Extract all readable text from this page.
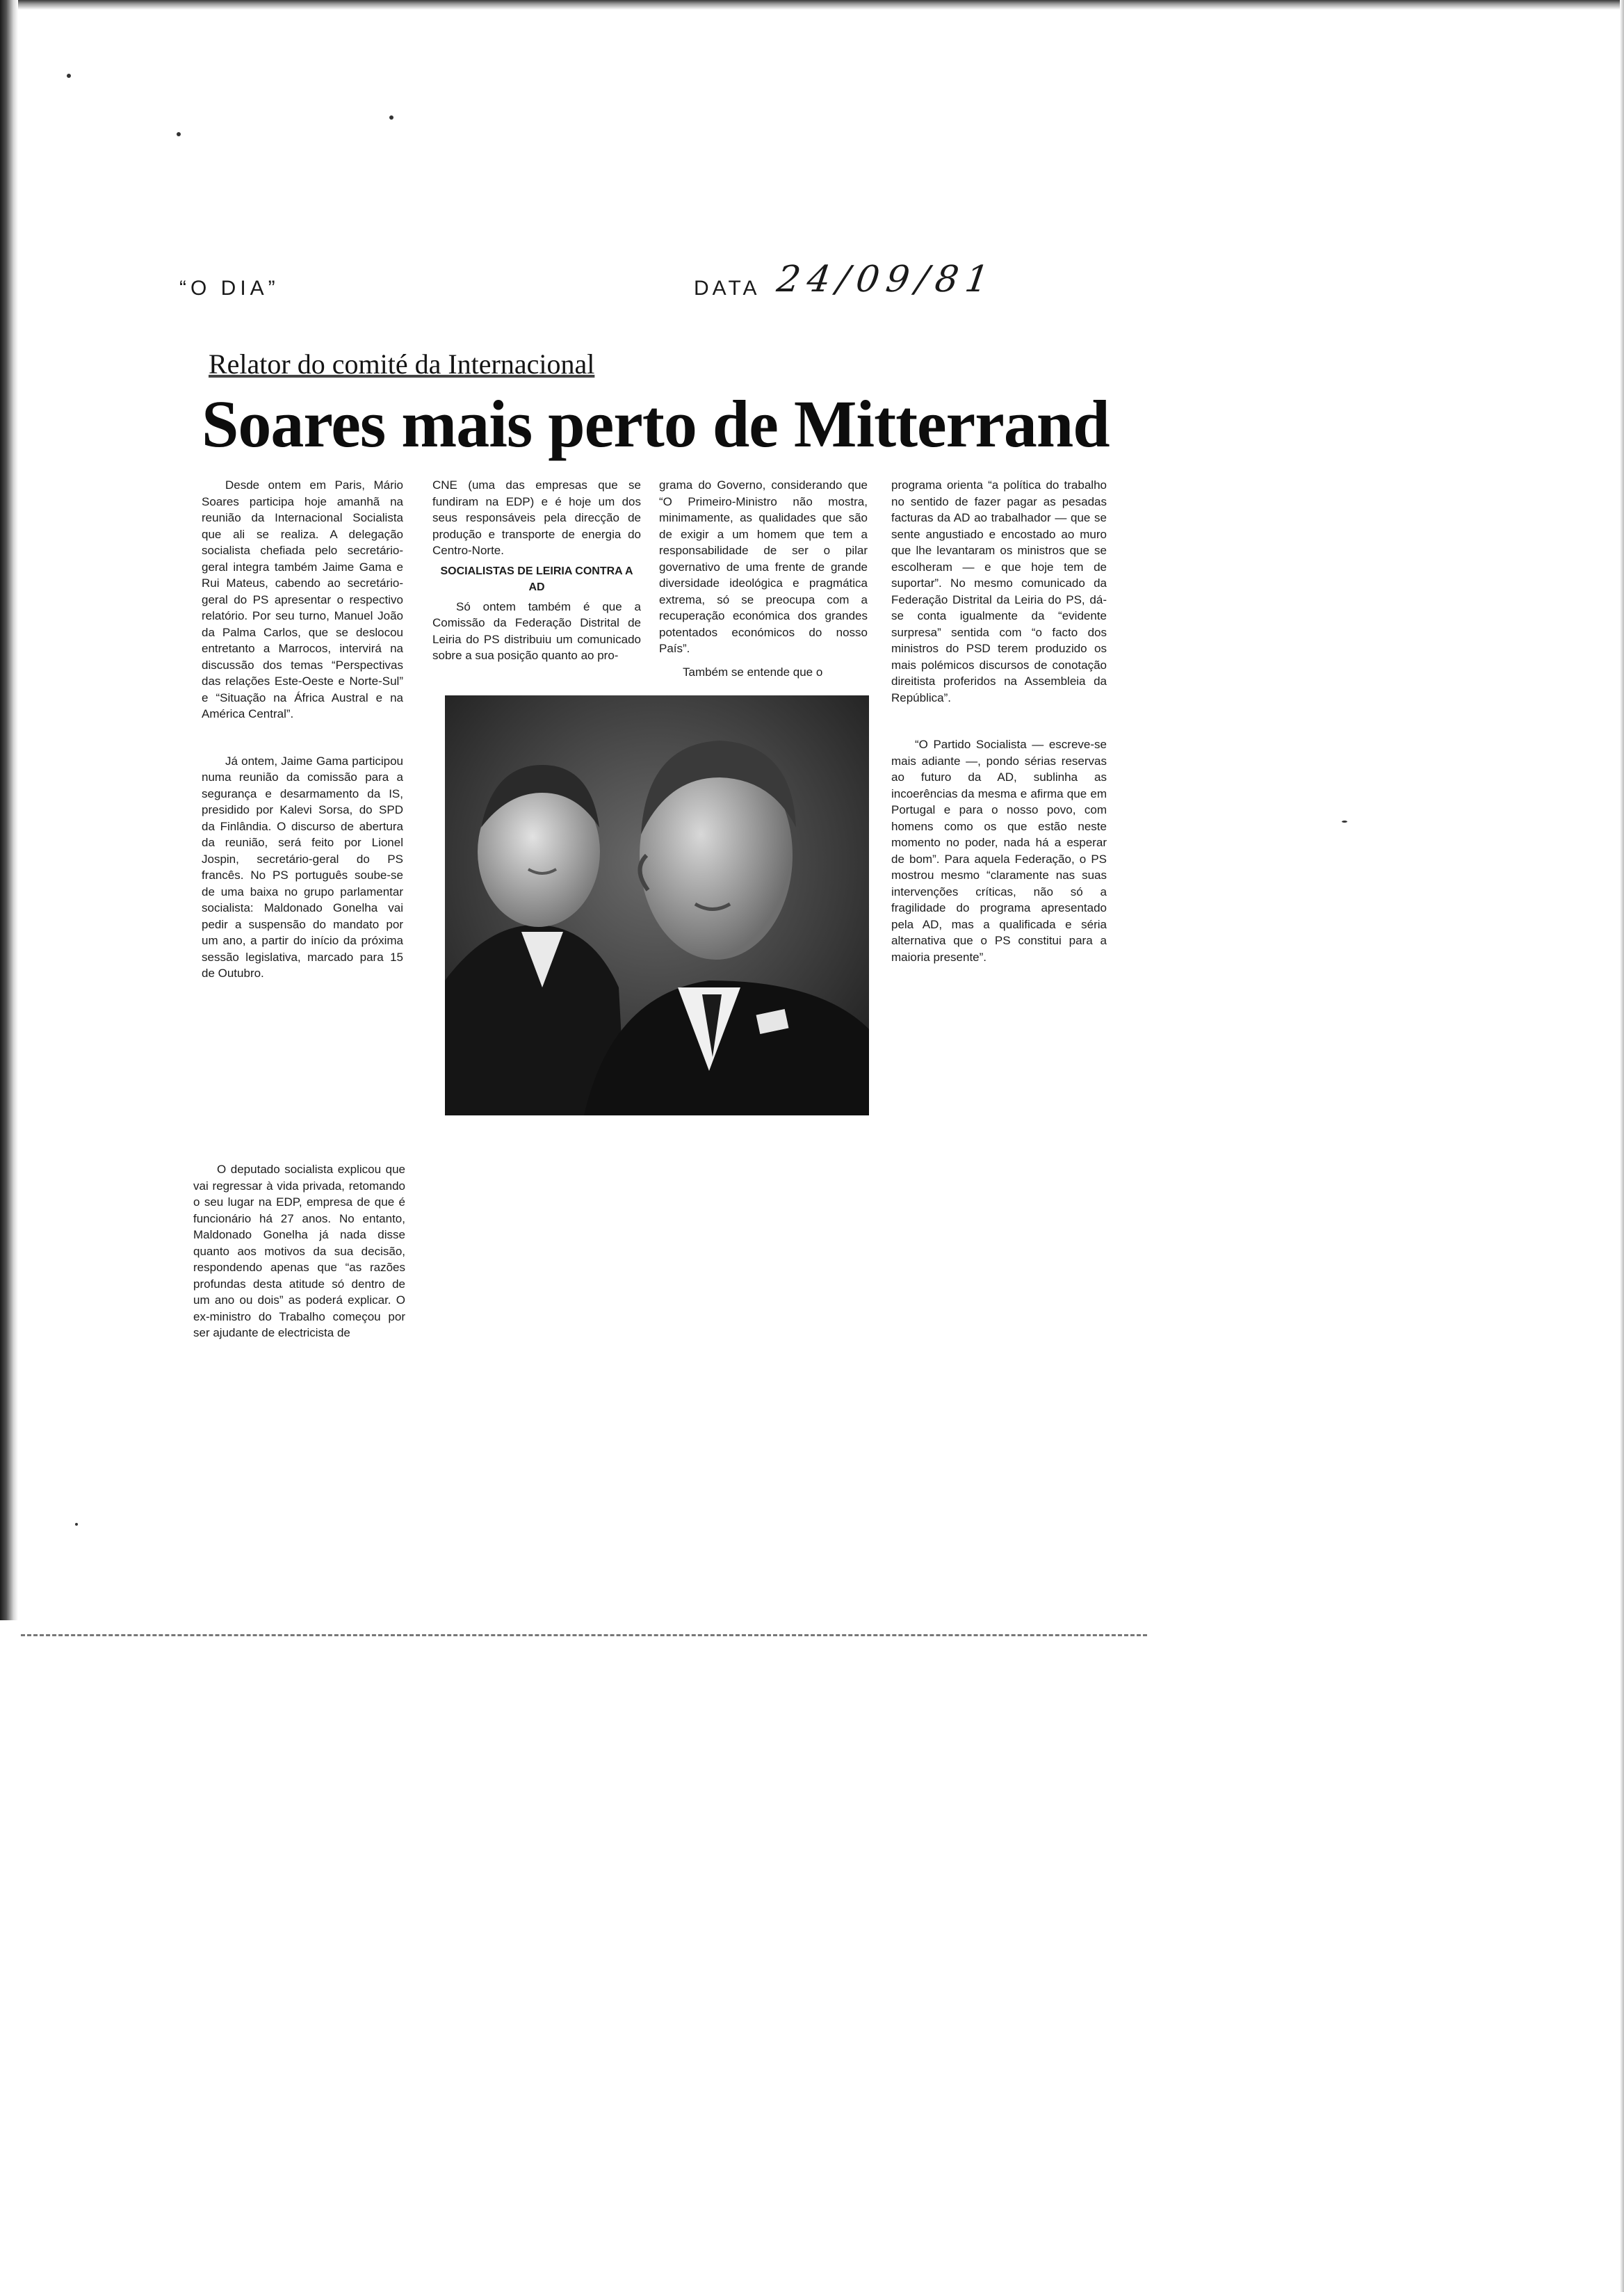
“O DIA”	DATA 24/09/81
Relator do comité da Internacional
Soares mais perto de Mitterrand

Desde ontem em Paris, Mário Soares participa hoje amanhã na reunião da Internacional Socialista que ali se realiza. A delegação socialista chefiada pelo secretário-geral integra também Jaime Gama e Rui Mateus, cabendo ao secretário-geral do PS apresentar o respectivo relatório. Por seu turno, Manuel João da Palma Carlos, que se deslocou entretanto a Marrocos, intervirá na discussão dos temas “Perspectivas das relações Este-Oeste e Norte-Sul” e “Situação na África Austral e na América Central”.

Já ontem, Jaime Gama participou numa reunião da comissão para a segurança e desarmamento da IS, presidido por Kalevi Sorsa, do SPD da Finlândia. O discurso de abertura da reunião, será feito por Lionel Jospin, secretário-geral do PS francês. No PS português soube-se de uma baixa no grupo parlamentar socialista: Maldonado Gonelha vai pedir a suspensão do mandato por um ano, a partir do início da próxima sessão legislativa, marcado para 15 de Outubro.

O deputado socialista explicou que vai regressar à vida privada, retomando o seu lugar na EDP, empresa de que é funcionário há 27 anos. No entanto, Maldonado Gonelha já nada disse quanto aos motivos da sua decisão, respondendo apenas que “as razões profundas desta atitude só dentro de um ano ou dois” as poderá explicar. O ex-ministro do Trabalho começou por ser ajudante de electricista de

CNE (uma das empresas que se fundiram na EDP) e é hoje um dos seus responsáveis pela direcção de produção e transporte de energia do Centro-Norte.

SOCIALISTAS DE LEIRIA CONTRA A AD

Só ontem também é que a Comissão da Federação Distrital de Leiria do PS distribuiu um comunicado sobre a sua posição quanto ao pro-

grama do Governo, considerando que “O Primeiro-Ministro não mostra, minimamente, as qualidades que são de exigir a um homem que tem a responsabilidade de ser o pilar governativo de uma frente de grande diversidade ideológica e pragmática extrema, só se preocupa com a recuperação económica dos grandes potentados económicos do nosso País”.

Também se entende que o

programa orienta “a política do trabalho no sentido de fazer pagar as pesadas facturas da AD ao trabalhador — que se sente angustiado e encostado ao muro que lhe levantaram os ministros que se escolheram — e que hoje tem de suportar”. No mesmo comunicado da Federação Distrital da Leiria do PS, dá-se conta igualmente da “evidente surpresa” sentida com “o facto dos ministros do PSD terem produzido os mais polémicos discursos de conotação direitista proferidos na Assembleia da República”.

“O Partido Socialista — escreve-se mais adiante —, pondo sérias reservas ao futuro da AD, sublinha as incoerências da mesma e afirma que em Portugal e para o nosso povo, com homens como os que estão neste momento no poder, nada há a esperar de bom”. Para aquela Federação, o PS mostrou mesmo “claramente nas suas intervenções críticas, não só a fragilidade do programa apresentado pela AD, mas a qualificada e séria alternativa que o PS constitui para a maioria presente”.
